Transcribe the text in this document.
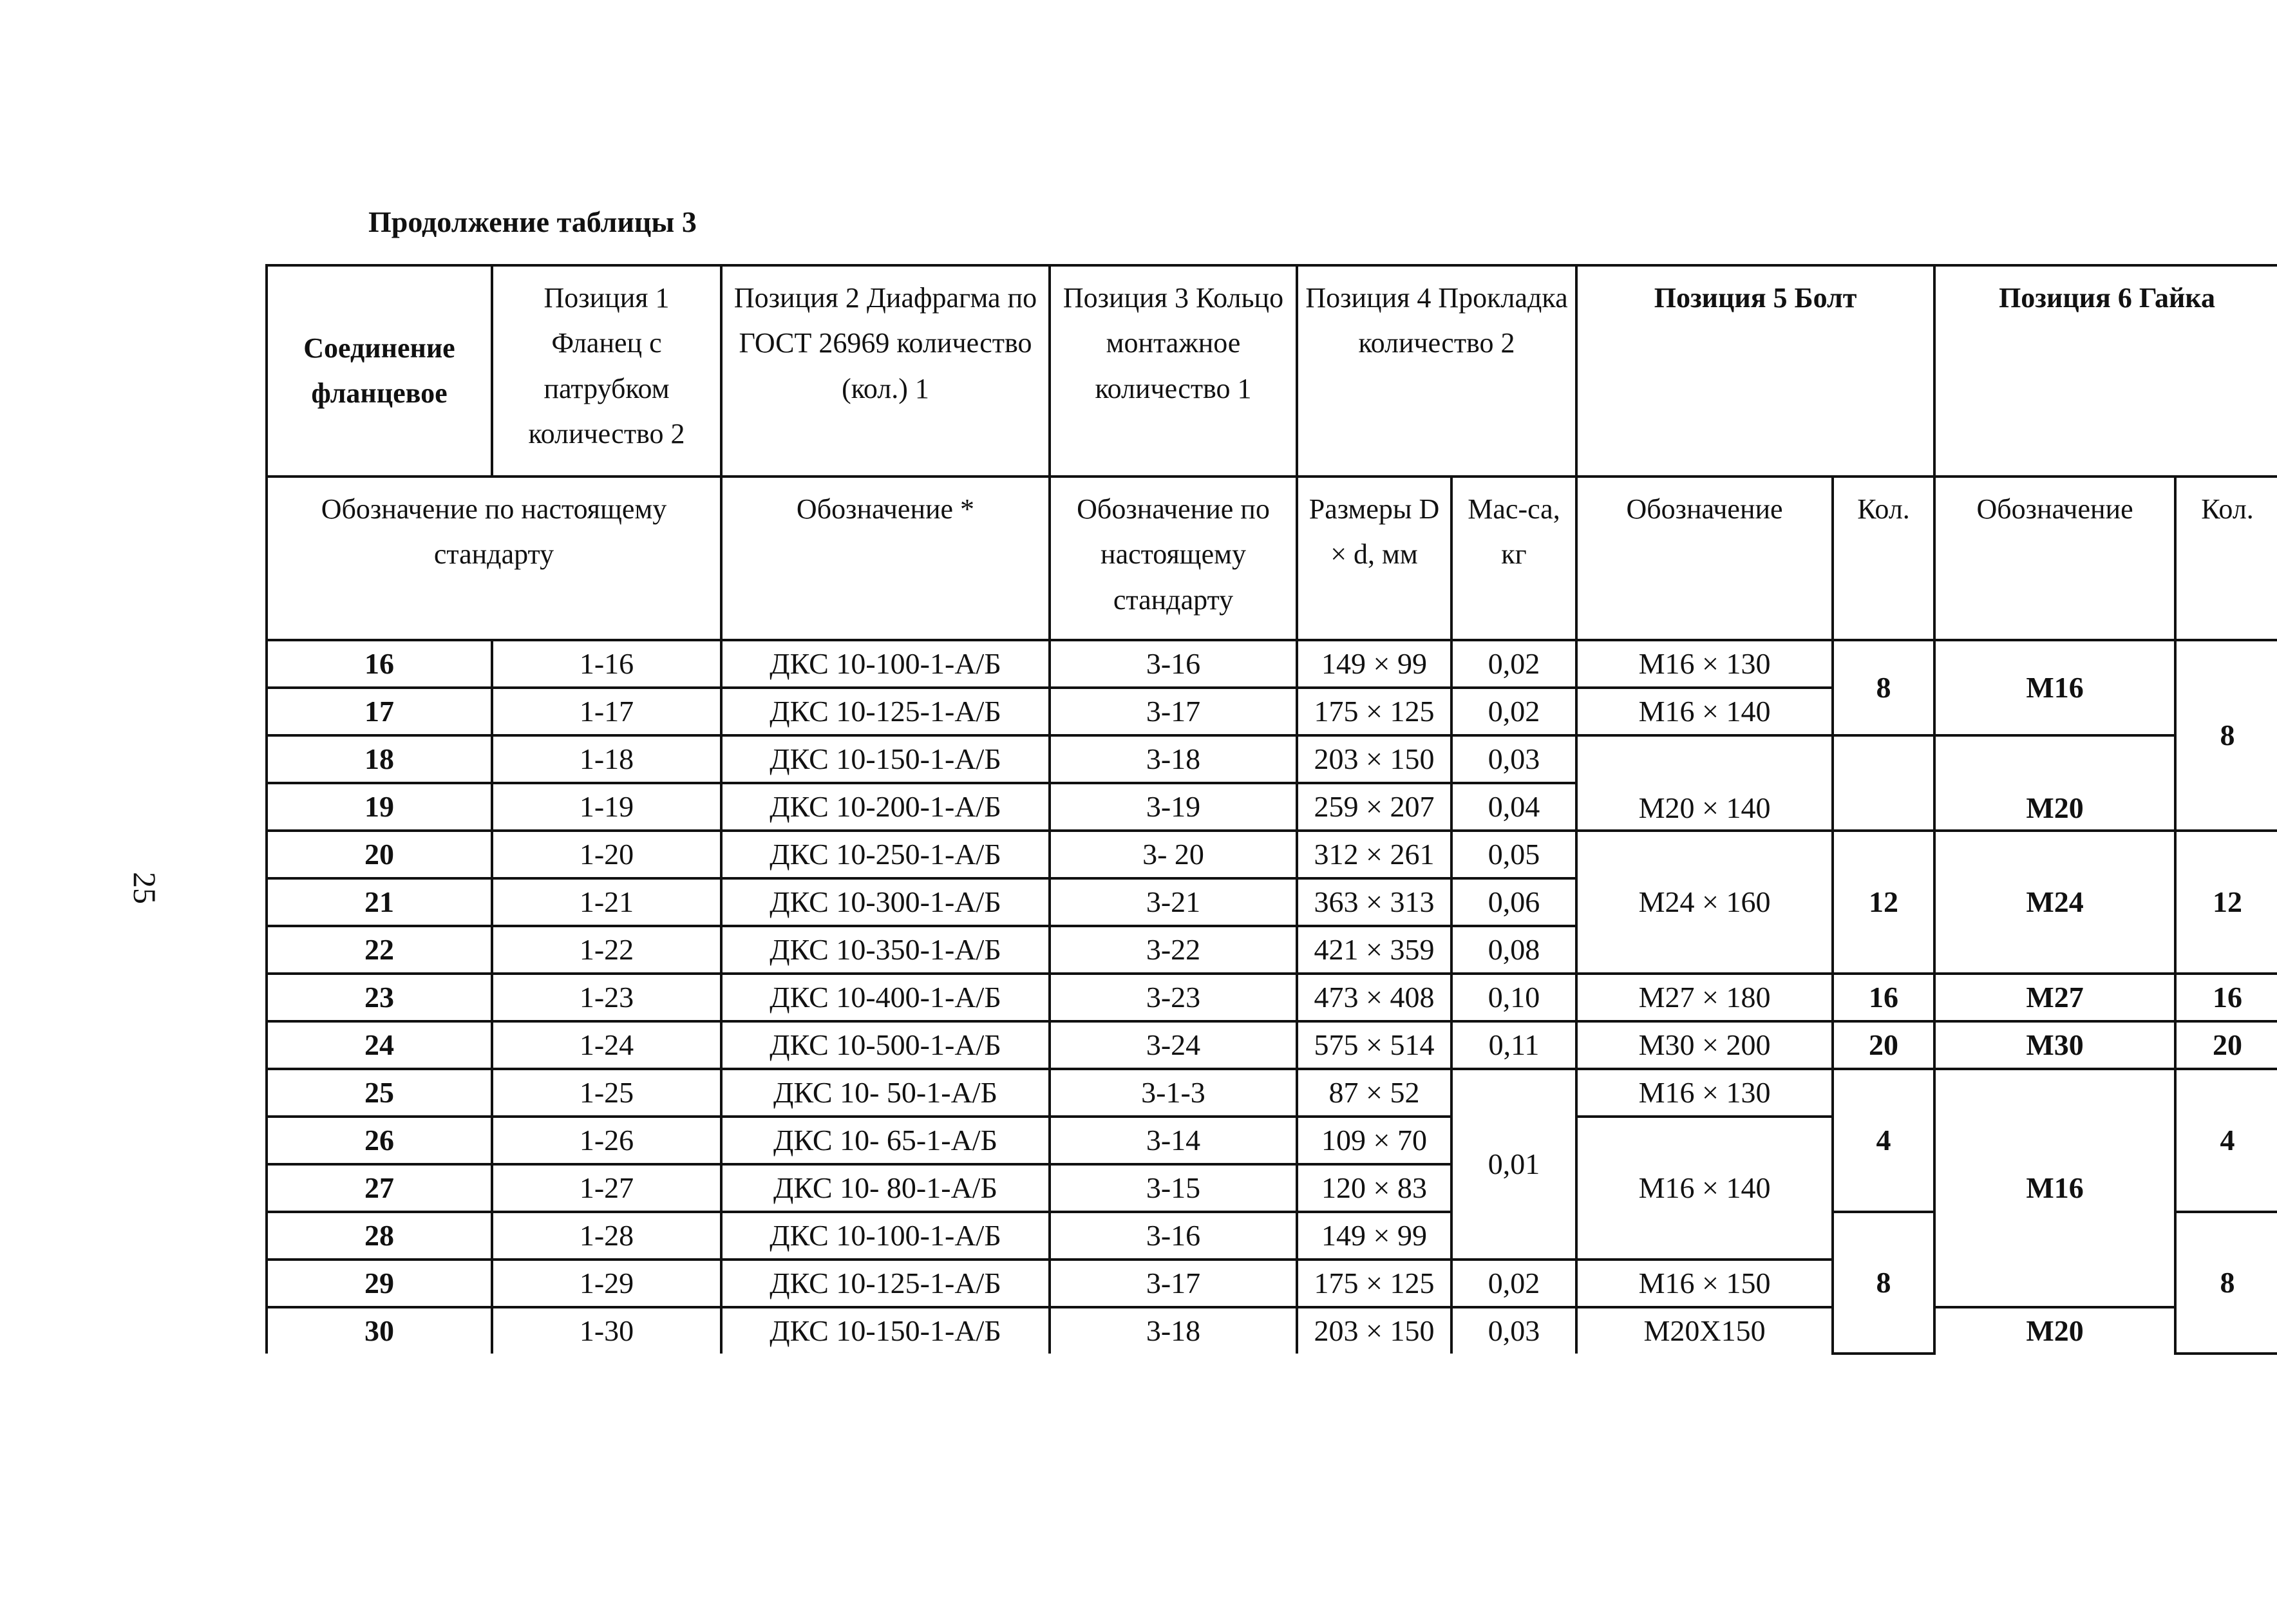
Продолжение таблицы 3
25
Соединение фланцевое	Позиция 1 Фланец с патрубком количество 2	Позиция 2 Диафрагма по ГОСТ 26969 количество (кол.) 1	Позиция 3 Кольцо монтажное количество 1	Позиция 4 Прокладка количество 2		Позиция 5 Болт		Позиция 6 Гайка	
Обозначение по настоящему стандарту		Обозначение *	Обозначение по настоящему стандарту	Размеры D × d, мм	Мас-са, кг	Обозначение	Кол.	Обозначение	Кол.
16	1-16	ДКС 10-100-1-А/Б	3-16	149 × 99	0,02	М16 × 130	8	М16	8
17	1-17	ДКС 10-125-1-А/Б	3-17	175 × 125	0,02	М16 × 140			
18	1-18	ДКС 10-150-1-А/Б	3-18	203 × 150	0,03	М20 × 140		М20	
19	1-19	ДКС 10-200-1-А/Б	3-19	259 × 207	0,04				
20	1-20	ДКС 10-250-1-А/Б	3- 20	312 × 261	0,05	М24 × 160	12	М24	12
21	1-21	ДКС 10-300-1-А/Б	3-21	363 × 313	0,06				
22	1-22	ДКС 10-350-1-А/Б	3-22	421 × 359	0,08				
23	1-23	ДКС 10-400-1-А/Б	3-23	473 × 408	0,10	М27 × 180	16	М27	16
24	1-24	ДКС 10-500-1-А/Б	3-24	575 × 514	0,11	М30 × 200	20	М30	20
25	1-25	ДКС 10- 50-1-А/Б	3-1-3	87 × 52	0,01	М16 × 130	4	М16	4
26	1-26	ДКС 10- 65-1-А/Б	3-14	109 × 70		М16 × 140			
27	1-27	ДКС 10- 80-1-А/Б	3-15	120 × 83					
28	1-28	ДКС 10-100-1-А/Б	3-16	149 × 99			8		8
29	1-29	ДКС 10-125-1-А/Б	3-17	175 × 125	0,02	М16 × 150			
30	1-30	ДКС 10-150-1-А/Б	3-18	203 × 150	0,03	М20Х150		М20	
